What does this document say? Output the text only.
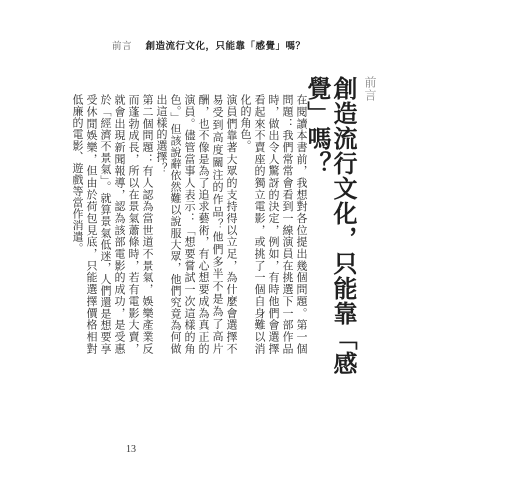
前言 創造流行文化，只能靠「感覺」嗎？
前言
創造流行文化，只能靠「感覺」嗎？

在閱讀本書前，我想對各位提出幾個問題。第一個問題：我們常常會看到一線演員在挑選下一部作品時，做出令人驚訝的決定，例如，有時他們會選擇看起來不賣座的獨立電影，或挑了一個自身難以消化的角色。

演員們靠著大眾的支持得以立足，為什麼會選擇不易受到高度關注的作品？他們多半不是為了高片酬，也不像是為了追求藝術，有心想要成為真正的演員。儘管當事人表示：「想要嘗試一次這樣的角色。」但該說辭依然難以說服大眾，他們究竟為何做出這樣的選擇？

第二個問題：有人認為當世道不景氣，娛樂產業反而蓬勃成長，所以在景氣蕭條時，若有電影大賣，就會出現新聞報導，認為該部電影的成功，是受惠於「經濟不景氣」。就算景氣低迷，人們還是想要享受休閒娛樂，但由於荷包見底，只能選擇價格相對低廉的電影、遊戲等當作消遣。

13
